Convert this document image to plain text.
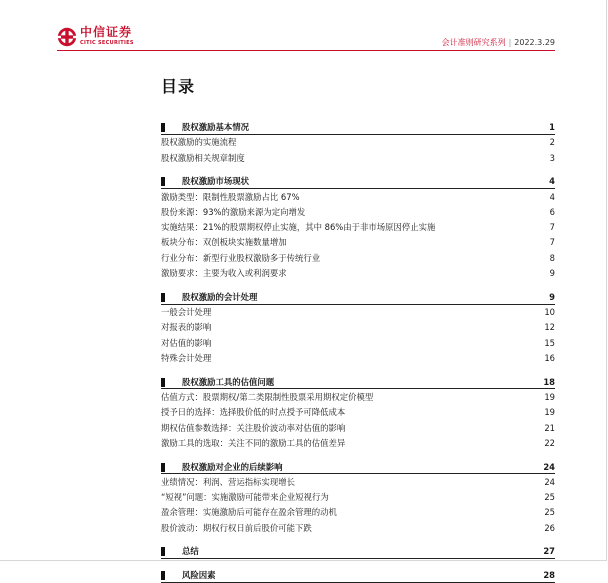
中信证券
CITIC SECURITIES	会计准则研究系列 | 2022.3.29
目录
股权激励基本情况	1
股权激励的实施流程	2
股权激励相关规章制度	3
股权激励市场现状	4
激励类型：限制性股票激励占比 67%	4
股份来源：93%的激励来源为定向增发	6
实施结果：21%的股票期权停止实施，其中 86%由于非市场原因停止实施	7
板块分布：双创板块实施数量增加	7
行业分布：新型行业股权激励多于传统行业	8
激励要求：主要为收入或利润要求	9
股权激励的会计处理	9
一般会计处理	10
对报表的影响	12
对估值的影响	15
特殊会计处理	16
股权激励工具的估值问题	18
估值方式：股票期权/第二类限制性股票采用期权定价模型	19
授予日的选择：选择股价低的时点授予可降低成本	19
期权估值参数选择：关注股价波动率对估值的影响	21
激励工具的选取：关注不同的激励工具的估值差异	22
股权激励对企业的后续影响	24
业绩情况：利润、营运指标实现增长	24
“短视”问题：实施激励可能带来企业短视行为	25
盈余管理：实施激励后可能存在盈余管理的动机	25
股价波动：期权行权日前后股价可能下跌	26
总结	27
风险因素	28
